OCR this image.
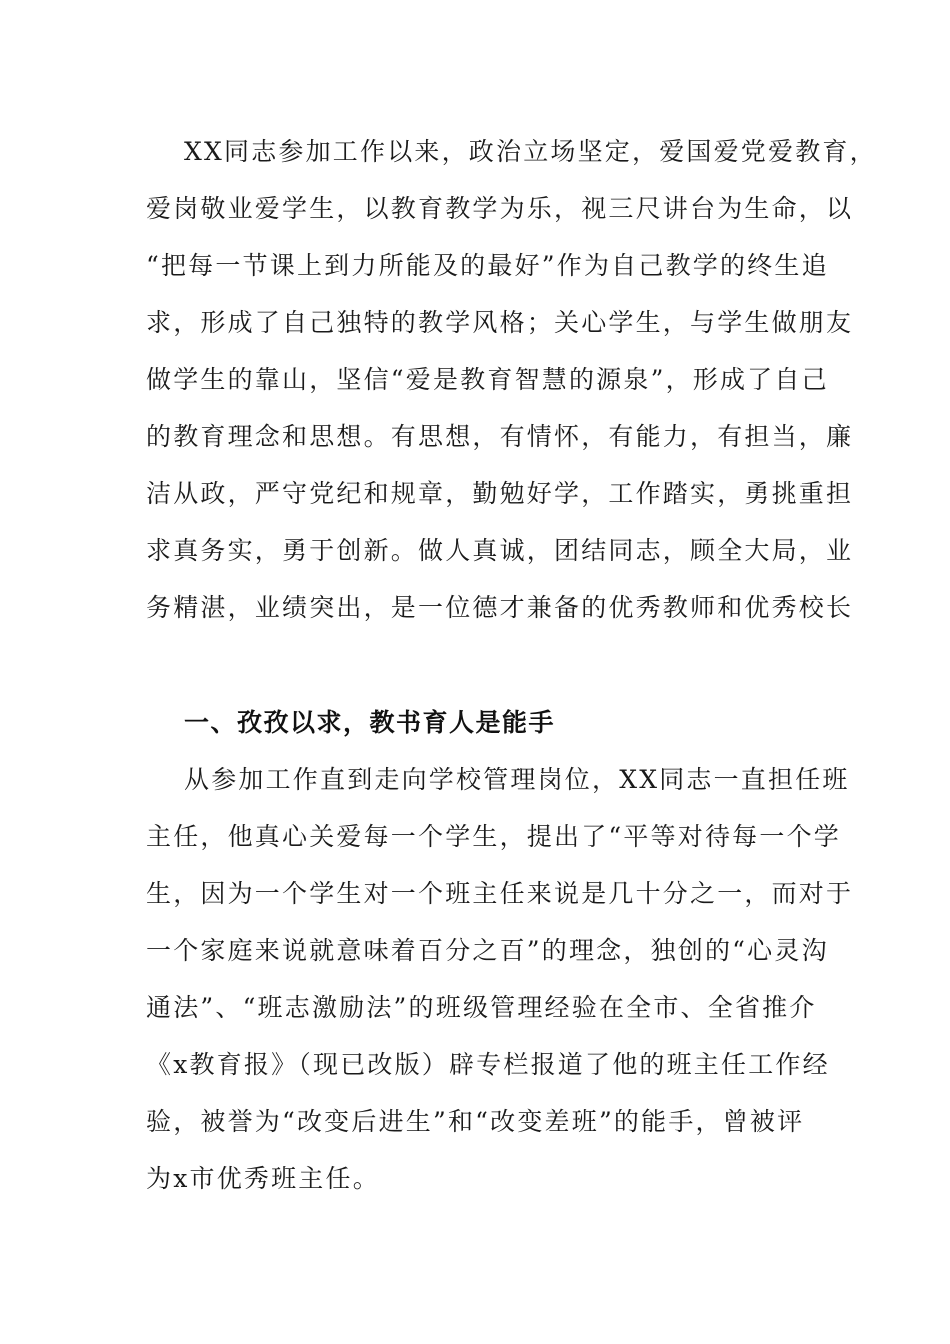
XX同志参加工作以来，政治立场坚定，爱国爱党爱教育，
爱岗敬业爱学生，以教育教学为乐，视三尺讲台为生命，以
“把每一节课上到力所能及的最好”作为自己教学的终生追
求，形成了自己独特的教学风格；关心学生，与学生做朋友
做学生的靠山，坚信“爱是教育智慧的源泉”，形成了自己
的教育理念和思想。有思想，有情怀，有能力，有担当，廉
洁从政，严守党纪和规章，勤勉好学，工作踏实，勇挑重担
求真务实，勇于创新。做人真诚，团结同志，顾全大局，业
务精湛，业绩突出，是一位德才兼备的优秀教师和优秀校长
一、孜孜以求，教书育人是能手
从参加工作直到走向学校管理岗位，XX同志一直担任班
主任，他真心关爱每一个学生，提出了“平等对待每一个学
生，因为一个学生对一个班主任来说是几十分之一，而对于
一个家庭来说就意味着百分之百”的理念，独创的“心灵沟
通法”、“班志激励法”的班级管理经验在全市、全省推介
《x教育报》（现已改版）辟专栏报道了他的班主任工作经
验，被誉为“改变后进生”和“改变差班”的能手，曾被评
为x市优秀班主任。
